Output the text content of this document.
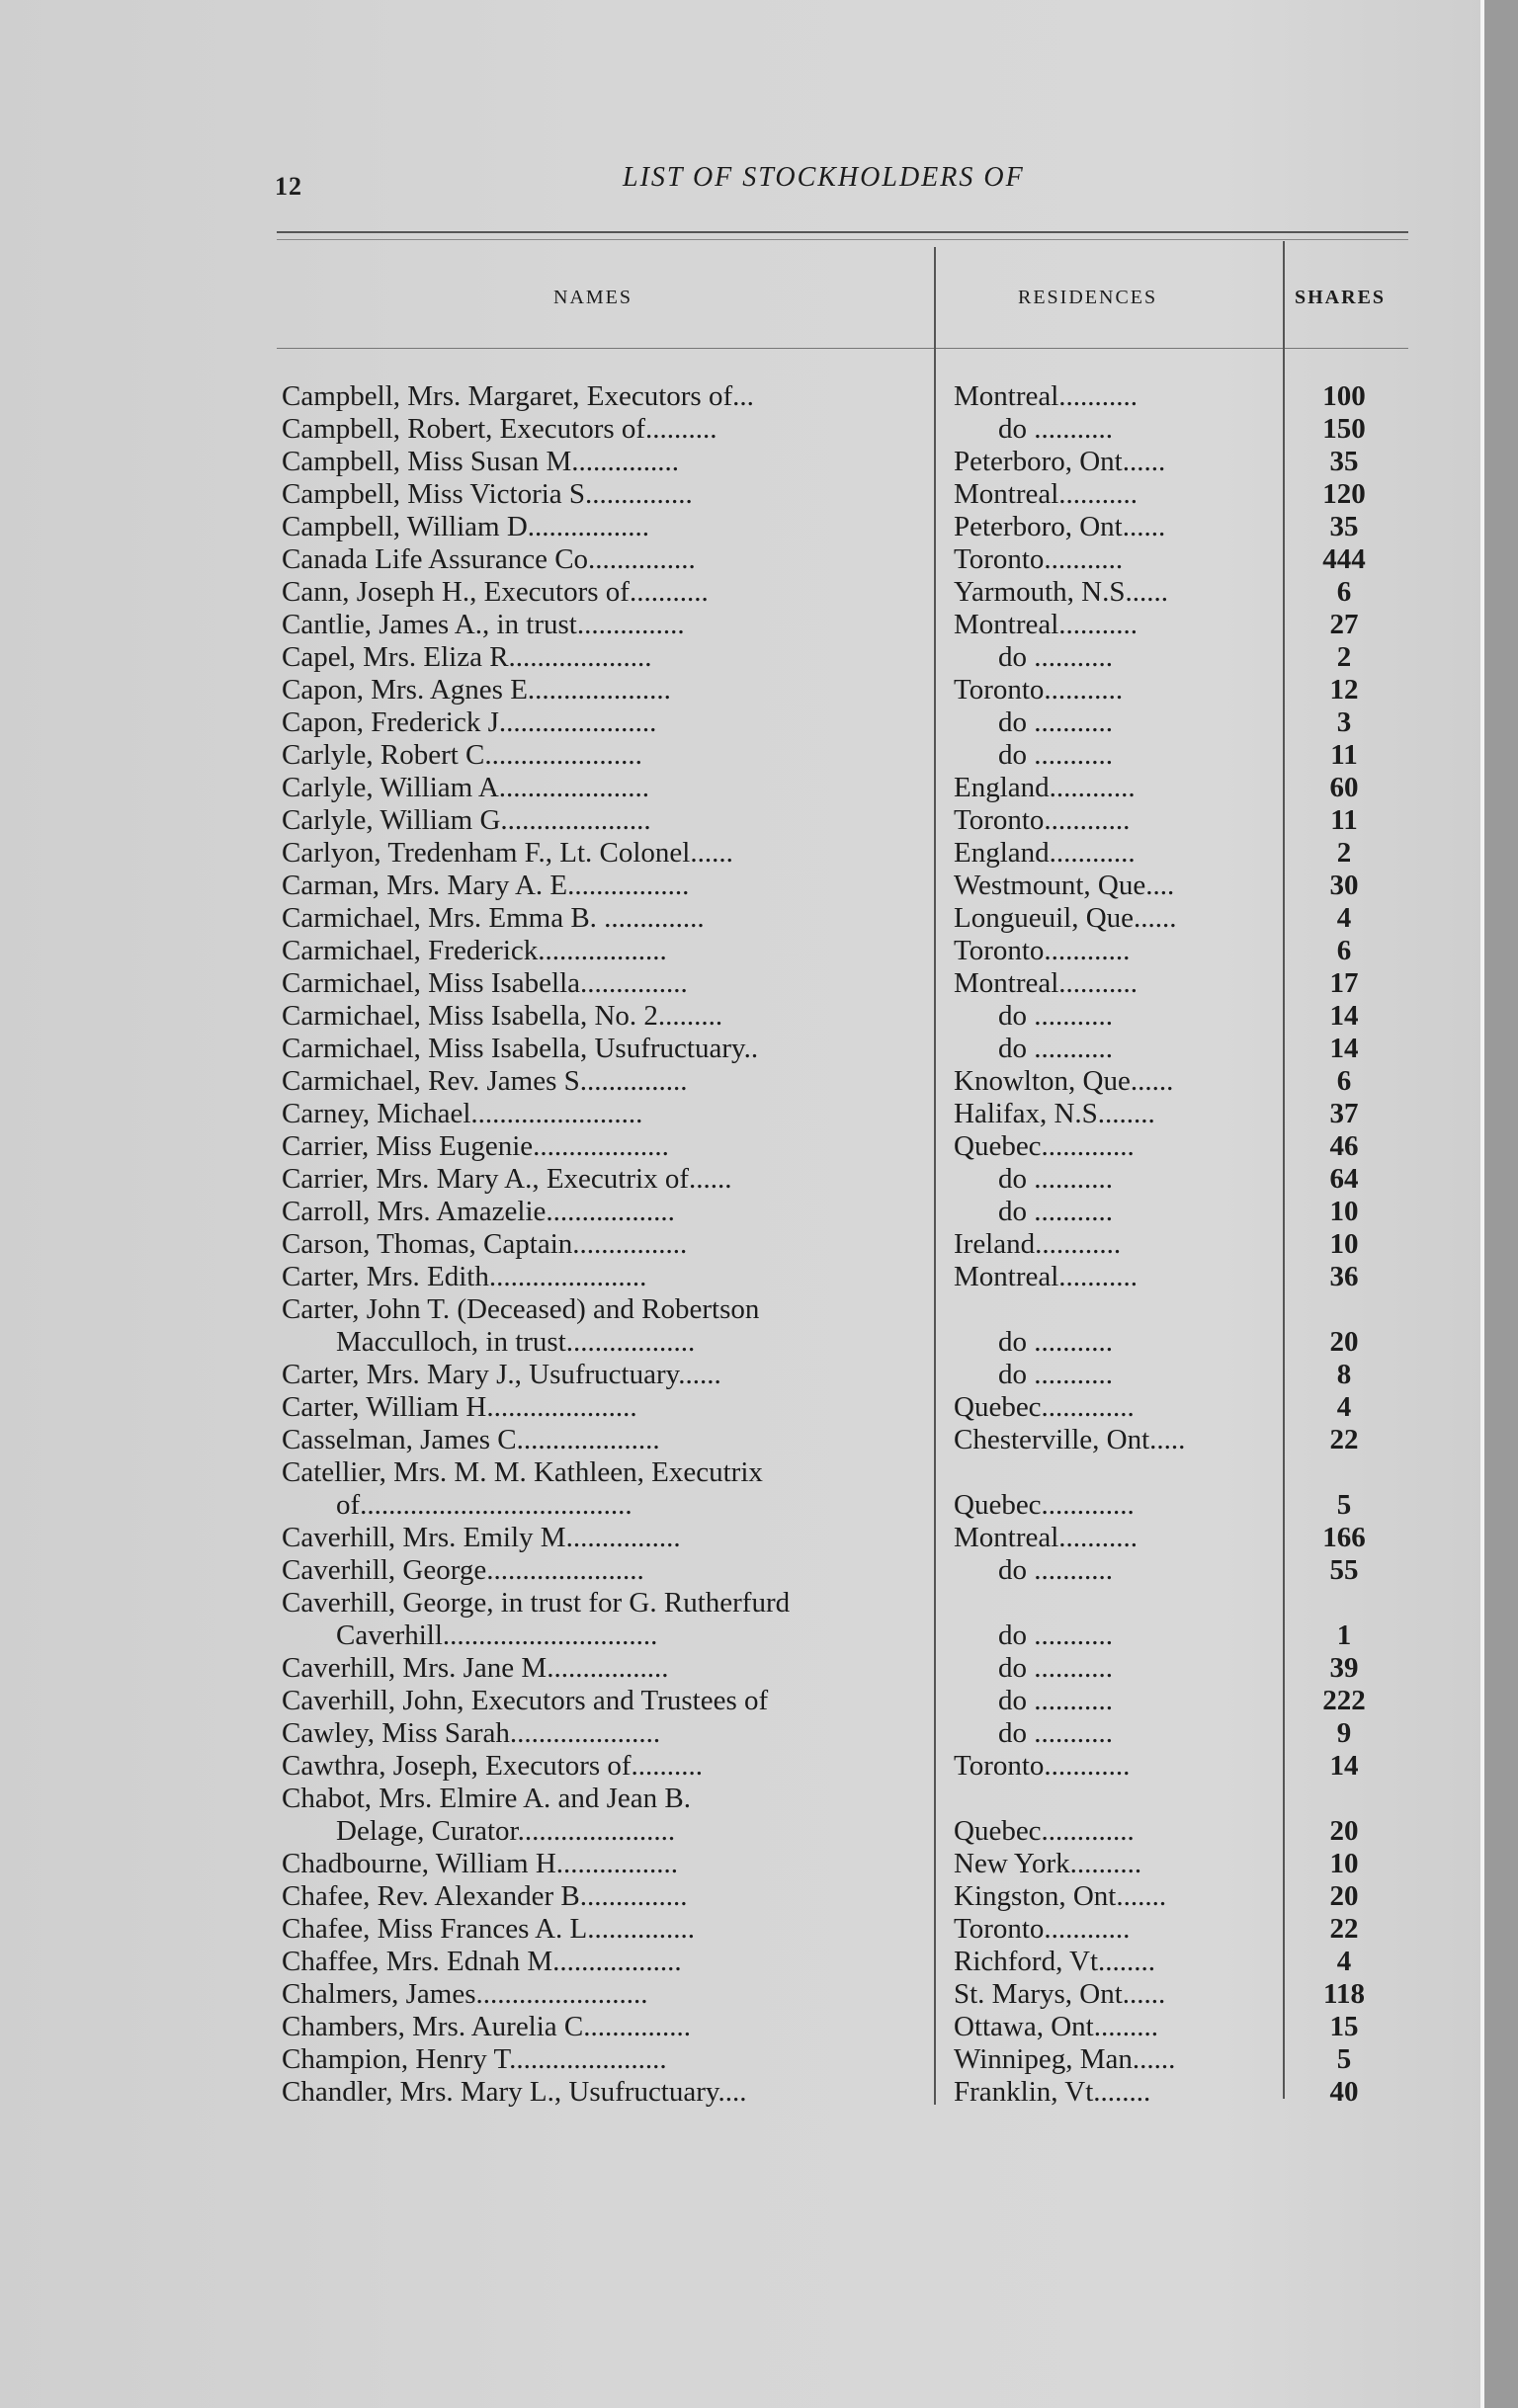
12	LIST OF STOCKHOLDERS OF
NAMES	RESIDENCES	SHARES
Campbell, Mrs. Margaret, Executors of...	Montreal...........	100
Campbell, Robert, Executors of..........	do ...........	150
Campbell, Miss Susan M...............	Peterboro, Ont......	35
Campbell, Miss Victoria S...............	Montreal...........	120
Campbell, William D.................	Peterboro, Ont......	35
Canada Life Assurance Co...............	Toronto...........	444
Cann, Joseph H., Executors of...........	Yarmouth, N.S......	6
Cantlie, James A., in trust...............	Montreal...........	27
Capel, Mrs. Eliza R....................	do ...........	2
Capon, Mrs. Agnes E....................	Toronto...........	12
Capon, Frederick J......................	do ...........	3
Carlyle, Robert C......................	do ...........	11
Carlyle, William A.....................	England............	60
Carlyle, William G.....................	Toronto............	11
Carlyon, Tredenham F., Lt. Colonel......	England............	2
Carman, Mrs. Mary A. E.................	Westmount, Que....	30
Carmichael, Mrs. Emma B. ..............	Longueuil, Que......	4
Carmichael, Frederick..................	Toronto............	6
Carmichael, Miss Isabella...............	Montreal...........	17
Carmichael, Miss Isabella, No. 2.........	do ...........	14
Carmichael, Miss Isabella, Usufructuary..	do ...........	14
Carmichael, Rev. James S...............	Knowlton, Que......	6
Carney, Michael........................	Halifax, N.S........	37
Carrier, Miss Eugenie...................	Quebec.............	46
Carrier, Mrs. Mary A., Executrix of......	do ...........	64
Carroll, Mrs. Amazelie..................	do ...........	10
Carson, Thomas, Captain................	Ireland............	10
Carter, Mrs. Edith......................	Montreal...........	36
Carter, John T. (Deceased) and Robertson
Macculloch, in trust..................	do ...........	20
Carter, Mrs. Mary J., Usufructuary......	do ...........	8
Carter, William H.....................	Quebec.............	4
Casselman, James C....................	Chesterville, Ont.....	22
Catellier, Mrs. M. M. Kathleen, Executrix
of......................................	Quebec.............	5
Caverhill, Mrs. Emily M................	Montreal...........	166
Caverhill, George......................	do ...........	55
Caverhill, George, in trust for G. Rutherfurd
Caverhill..............................	do ...........	1
Caverhill, Mrs. Jane M.................	do ...........	39
Caverhill, John, Executors and Trustees of	do ...........	222
Cawley, Miss Sarah.....................	do ...........	9
Cawthra, Joseph, Executors of..........	Toronto............	14
Chabot, Mrs. Elmire A. and Jean B.
Delage, Curator......................	Quebec.............	20
Chadbourne, William H.................	New York..........	10
Chafee, Rev. Alexander B...............	Kingston, Ont.......	20
Chafee, Miss Frances A. L...............	Toronto............	22
Chaffee, Mrs. Ednah M..................	Richford, Vt........	4
Chalmers, James........................	St. Marys, Ont......	118
Chambers, Mrs. Aurelia C...............	Ottawa, Ont.........	15
Champion, Henry T......................	Winnipeg, Man......	5
Chandler, Mrs. Mary L., Usufructuary....	Franklin, Vt........	40
